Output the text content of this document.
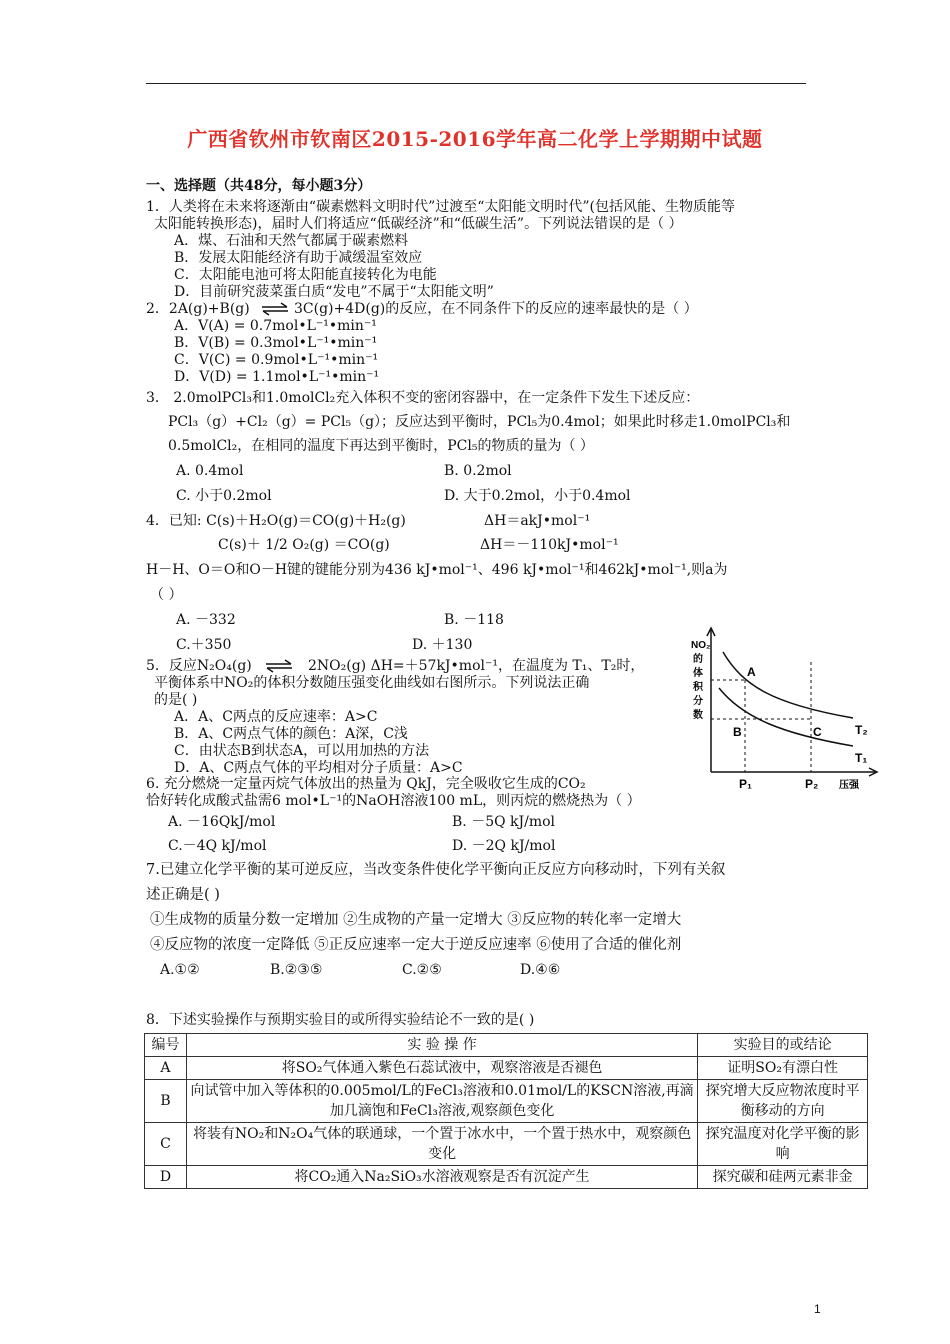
广西省钦州市钦南区2015-2016学年高二化学上学期期中试题
一、选择题（共48分，每小题3分）
1．人类将在未来将逐渐由“碳素燃料文明时代”过渡至“太阳能文明时代”(包括风能、生物质能等
太阳能转换形态)，届时人们将适应“低碳经济”和“低碳生活”。下列说法错误的是（ ）
A．煤、石油和天然气都属于碳素燃料
B．发展太阳能经济有助于减缓温室效应
C．太阳能电池可将太阳能直接转化为电能
D．目前研究菠菜蛋白质“发电”不属于“太阳能文明”
2．2A(g)+B(g) ⇌ 3C(g)+4D(g)的反应，在不同条件下的反应的速率最快的是（ ）
A．V(A) = 0.7mol•L⁻¹•min⁻¹
B．V(B) = 0.3mol•L⁻¹•min⁻¹
C．V(C) = 0.9mol•L⁻¹•min⁻¹
D．V(D) = 1.1mol•L⁻¹•min⁻¹
3． 2.0molPCl₃和1.0molCl₂充入体积不变的密闭容器中，在一定条件下发生下述反应：
PCl₃（g）+Cl₂（g）= PCl₅（g）；反应达到平衡时，PCl₅为0.4mol；如果此时移走1.0molPCl₃和
0.5molCl₂，在相同的温度下再达到平衡时，PCl₅的物质的量为（ ）
A. 0.4mol	B. 0.2mol
C. 小于0.2mol	D. 大于0.2mol，小于0.4mol
4．已知: C(s)＋H₂O(g)＝CO(g)＋H₂(g)	ΔH＝akJ•mol⁻¹
C(s)＋ 1/2 O₂(g) ＝CO(g)	ΔH＝－110kJ•mol⁻¹
H－H、O＝O和O－H键的键能分别为436 kJ•mol⁻¹、496 kJ•mol⁻¹和462kJ•mol⁻¹,则a为
（ ）
A. －332	B. －118
C.＋350	D. ＋130
5．反应N₂O₄(g) ⇌ 2NO₂(g) ΔH=＋57kJ•mol⁻¹，在温度为 T₁、T₂时，
平衡体系中NO₂的体积分数随压强变化曲线如右图所示。下列说法正确
的是( )
A．A、C两点的反应速率：A>C
B．A、C两点气体的颜色：A深，C浅
C．由状态B到状态A，可以用加热的方法
D．A、C两点气体的平均相对分子质量：A>C
NO₂
的
体
积
分
数
A
B	C	T₂
T₁
P₁	P₂ 压强
6. 充分燃烧一定量丙烷气体放出的热量为 QkJ，完全吸收它生成的CO₂
恰好转化成酸式盐需6 mol•L⁻¹的NaOH溶液100 mL，则丙烷的燃烧热为（ ）
A. －16QkJ/mol	B. －5Q kJ/mol
C.－4Q kJ/mol	D. －2Q kJ/mol
7.已建立化学平衡的某可逆反应，当改变条件使化学平衡向正反应方向移动时，下列有关叙
述正确是( )
①生成物的质量分数一定增加 ②生成物的产量一定增大 ③反应物的转化率一定增大
④反应物的浓度一定降低 ⑤正反应速率一定大于逆反应速率 ⑥使用了合适的催化剂
A.①②	B.②③⑤	C.②⑤	D.④⑥
8．下述实验操作与预期实验目的或所得实验结论不一致的是( )
编号	实 验 操 作	实验目的或结论
A	将SO₂气体通入紫色石蕊试液中，观察溶液是否褪色	证明SO₂有漂白性
B	向试管中加入等体积的0.005mol/L的FeCl₃溶液和0.01mol/L的KSCN溶液,再滴加几滴饱和FeCl₃溶液,观察颜色变化	探究增大反应物浓度时平衡移动的方向
C	将装有NO₂和N₂O₄气体的联通球，一个置于冰水中，一个置于热水中，观察颜色变化	探究温度对化学平衡的影响
D	将CO₂通入Na₂SiO₃水溶液观察是否有沉淀产生	探究碳和硅两元素非金
1
